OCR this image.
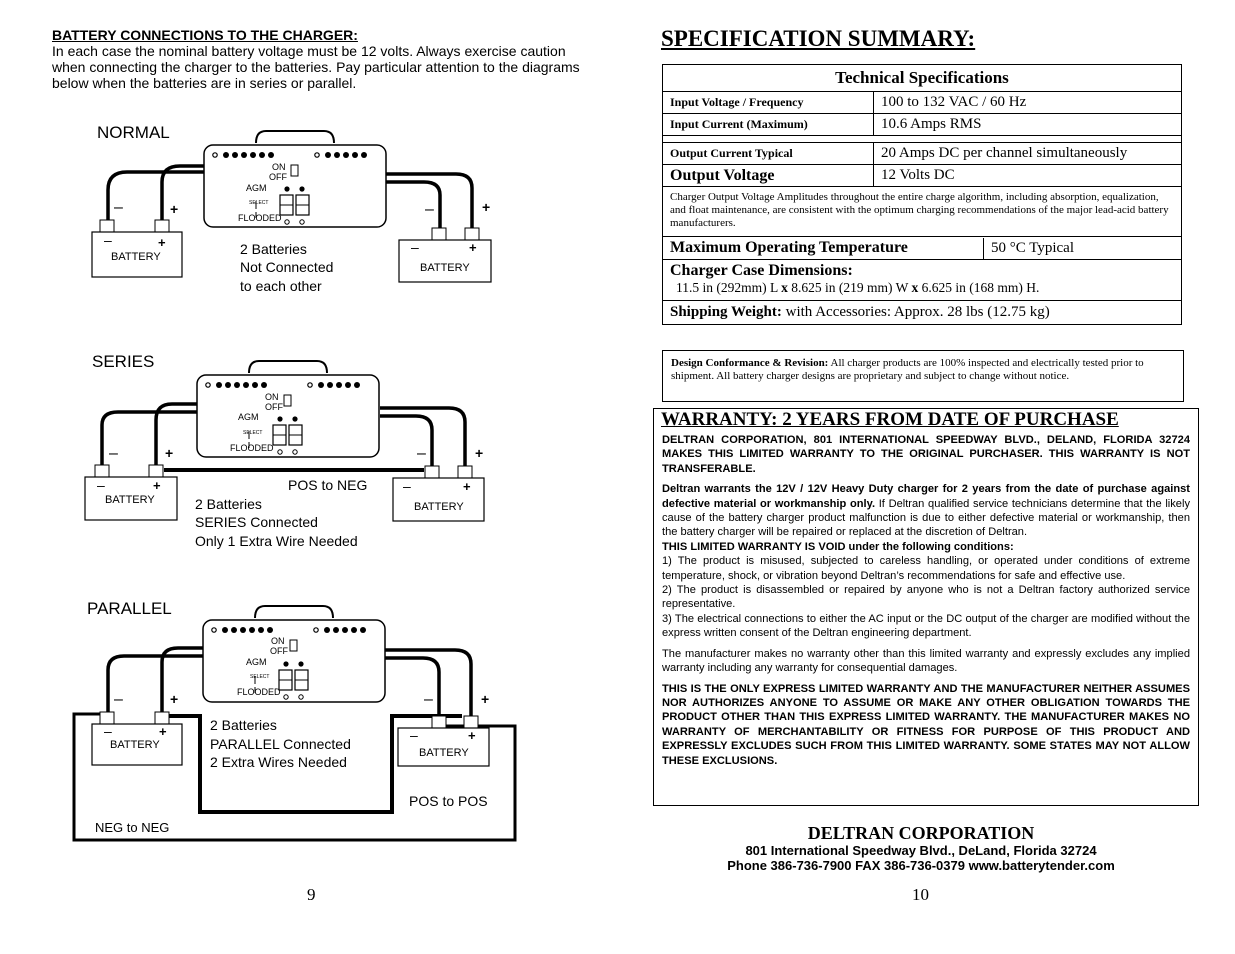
BATTERY CONNECTIONS TO THE CHARGER:
In each case the nominal battery voltage must be 12 volts. Always exercise caution when connecting the charger to the batteries. Pay particular attention to the diagrams below when the batteries are in series or parallel.
NORMAL
ON
OFF
AGM
SELECT
FLOODED
–	+
–	+
BATTERY
–	+
–	+
BATTERY
2 Batteries
Not Connected
to each other
SERIES
ON
OFF
AGM
SELECT
FLOODED
–	+
–	+
BATTERY
–	+
–	+
BATTERY
POS to NEG
2 Batteries
SERIES Connected
Only 1 Extra Wire Needed
PARALLEL
ON
OFF
AGM
SELECT
FLOODED
–	+
–	+
BATTERY
–	+
–	+
BATTERY
2 Batteries
PARALLEL Connected
2 Extra Wires Needed
POS to POS
NEG to NEG
9
SPECIFICATION SUMMARY:
Technical Specifications	
Input Voltage / Frequency	100 to 132 VAC / 60 Hz
Input Current (Maximum)	10.6 Amps RMS

Output Current Typical	20 Amps DC per channel simultaneously
Output Voltage	12 Volts DC
Charger Output Voltage Amplitudes throughout the entire charge algorithm, including absorption, equalization, and float maintenance, are consistent with the optimum charging recommendations of the major lead-acid battery manufacturers.	

Maximum Operating Temperature 50 °C Typical	

Charger Case Dimensions:
11.5 in (292mm) L x 8.625 in (219 mm) W x 6.625 in (168 mm) H.	

Shipping Weight: with Accessories: Approx. 28 lbs (12.75 kg)	
Design Conformance & Revision: All charger products are 100% inspected and electrically tested prior to shipment. All battery charger designs are proprietary and subject to change without notice.
WARRANTY: 2 YEARS FROM DATE OF PURCHASE

DELTRAN CORPORATION, 801 INTERNATIONAL SPEEDWAY BLVD., DELAND, FLORIDA 32724 MAKES THIS LIMITED WARRANTY TO THE ORIGINAL PURCHASER. THIS WARRANTY IS NOT TRANSFERABLE.

Deltran warrants the 12V / 12V Heavy Duty charger for 2 years from the date of purchase against defective material or workmanship only. If Deltran qualified service technicians determine that the likely cause of the battery charger product malfunction is due to either defective material or workmanship, then the battery charger will be repaired or replaced at the discretion of Deltran.

THIS LIMITED WARRANTY IS VOID under the following conditions:

1) The product is misused, subjected to careless handling, or operated under conditions of extreme temperature, shock, or vibration beyond Deltran’s recommendations for safe and effective use.

2) The product is disassembled or repaired by anyone who is not a Deltran factory authorized service representative.

3) The electrical connections to either the AC input or the DC output of the charger are modified without the express written consent of the Deltran engineering department.

The manufacturer makes no warranty other than this limited warranty and expressly excludes any implied warranty including any warranty for consequential damages.

THIS IS THE ONLY EXPRESS LIMITED WARRANTY AND THE MANUFACTURER NEITHER ASSUMES NOR AUTHORIZES ANYONE TO ASSUME OR MAKE ANY OTHER OBLIGATION TOWARDS THE PRODUCT OTHER THAN THIS EXPRESS LIMITED WARRANTY. THE MANUFACTURER MAKES NO WARRANTY OF MERCHANTABILITY OR FITNESS FOR PURPOSE OF THIS PRODUCT AND EXPRESSLY EXCLUDES SUCH FROM THIS LIMITED WARRANTY. SOME STATES MAY NOT ALLOW THESE EXCLUSIONS.

DELTRAN CORPORATION
801 International Speedway Blvd., DeLand, Florida 32724
Phone 386-736-7900 FAX 386-736-0379 www.batterytender.com
10
